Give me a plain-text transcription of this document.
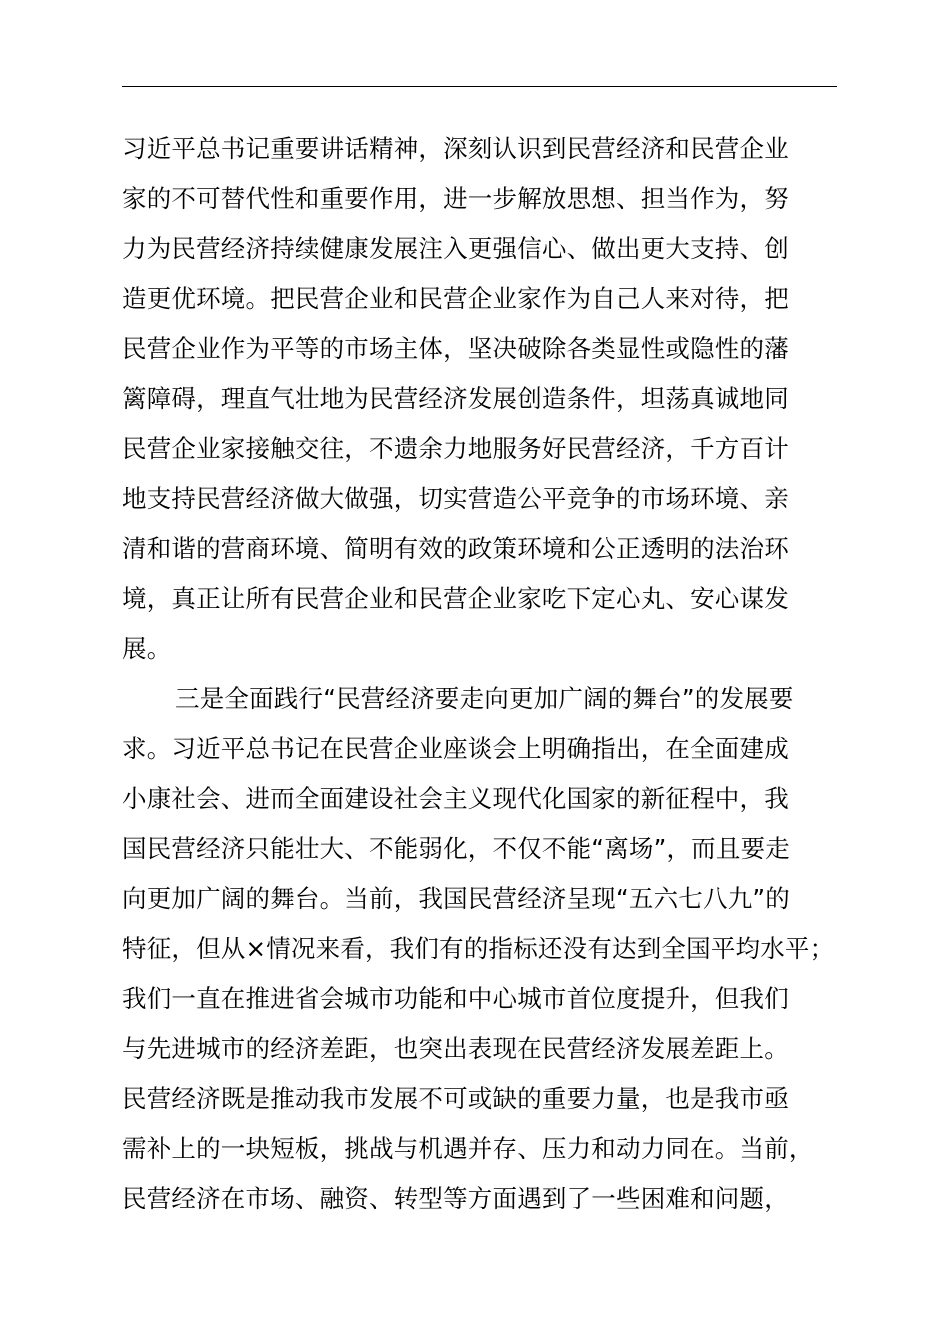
习近平总书记重要讲话精神，深刻认识到民营经济和民营企业
家的不可替代性和重要作用，进一步解放思想、担当作为，努
力为民营经济持续健康发展注入更强信心、做出更大支持、创
造更优环境。把民营企业和民营企业家作为自己人来对待，把
民营企业作为平等的市场主体，坚决破除各类显性或隐性的藩
篱障碍，理直气壮地为民营经济发展创造条件，坦荡真诚地同
民营企业家接触交往，不遗余力地服务好民营经济，千方百计
地支持民营经济做大做强，切实营造公平竞争的市场环境、亲
清和谐的营商环境、简明有效的政策环境和公正透明的法治环
境，真正让所有民营企业和民营企业家吃下定心丸、安心谋发
展。
三是全面践行“民营经济要走向更加广阔的舞台”的发展要
求。习近平总书记在民营企业座谈会上明确指出，在全面建成
小康社会、进而全面建设社会主义现代化国家的新征程中，我
国民营经济只能壮大、不能弱化，不仅不能“离场”，而且要走
向更加广阔的舞台。当前，我国民营经济呈现“五六七八九”的
特征，但从×情况来看，我们有的指标还没有达到全国平均水平；
我们一直在推进省会城市功能和中心城市首位度提升，但我们
与先进城市的经济差距，也突出表现在民营经济发展差距上。
民营经济既是推动我市发展不可或缺的重要力量，也是我市亟
需补上的一块短板，挑战与机遇并存、压力和动力同在。当前，
民营经济在市场、融资、转型等方面遇到了一些困难和问题，
